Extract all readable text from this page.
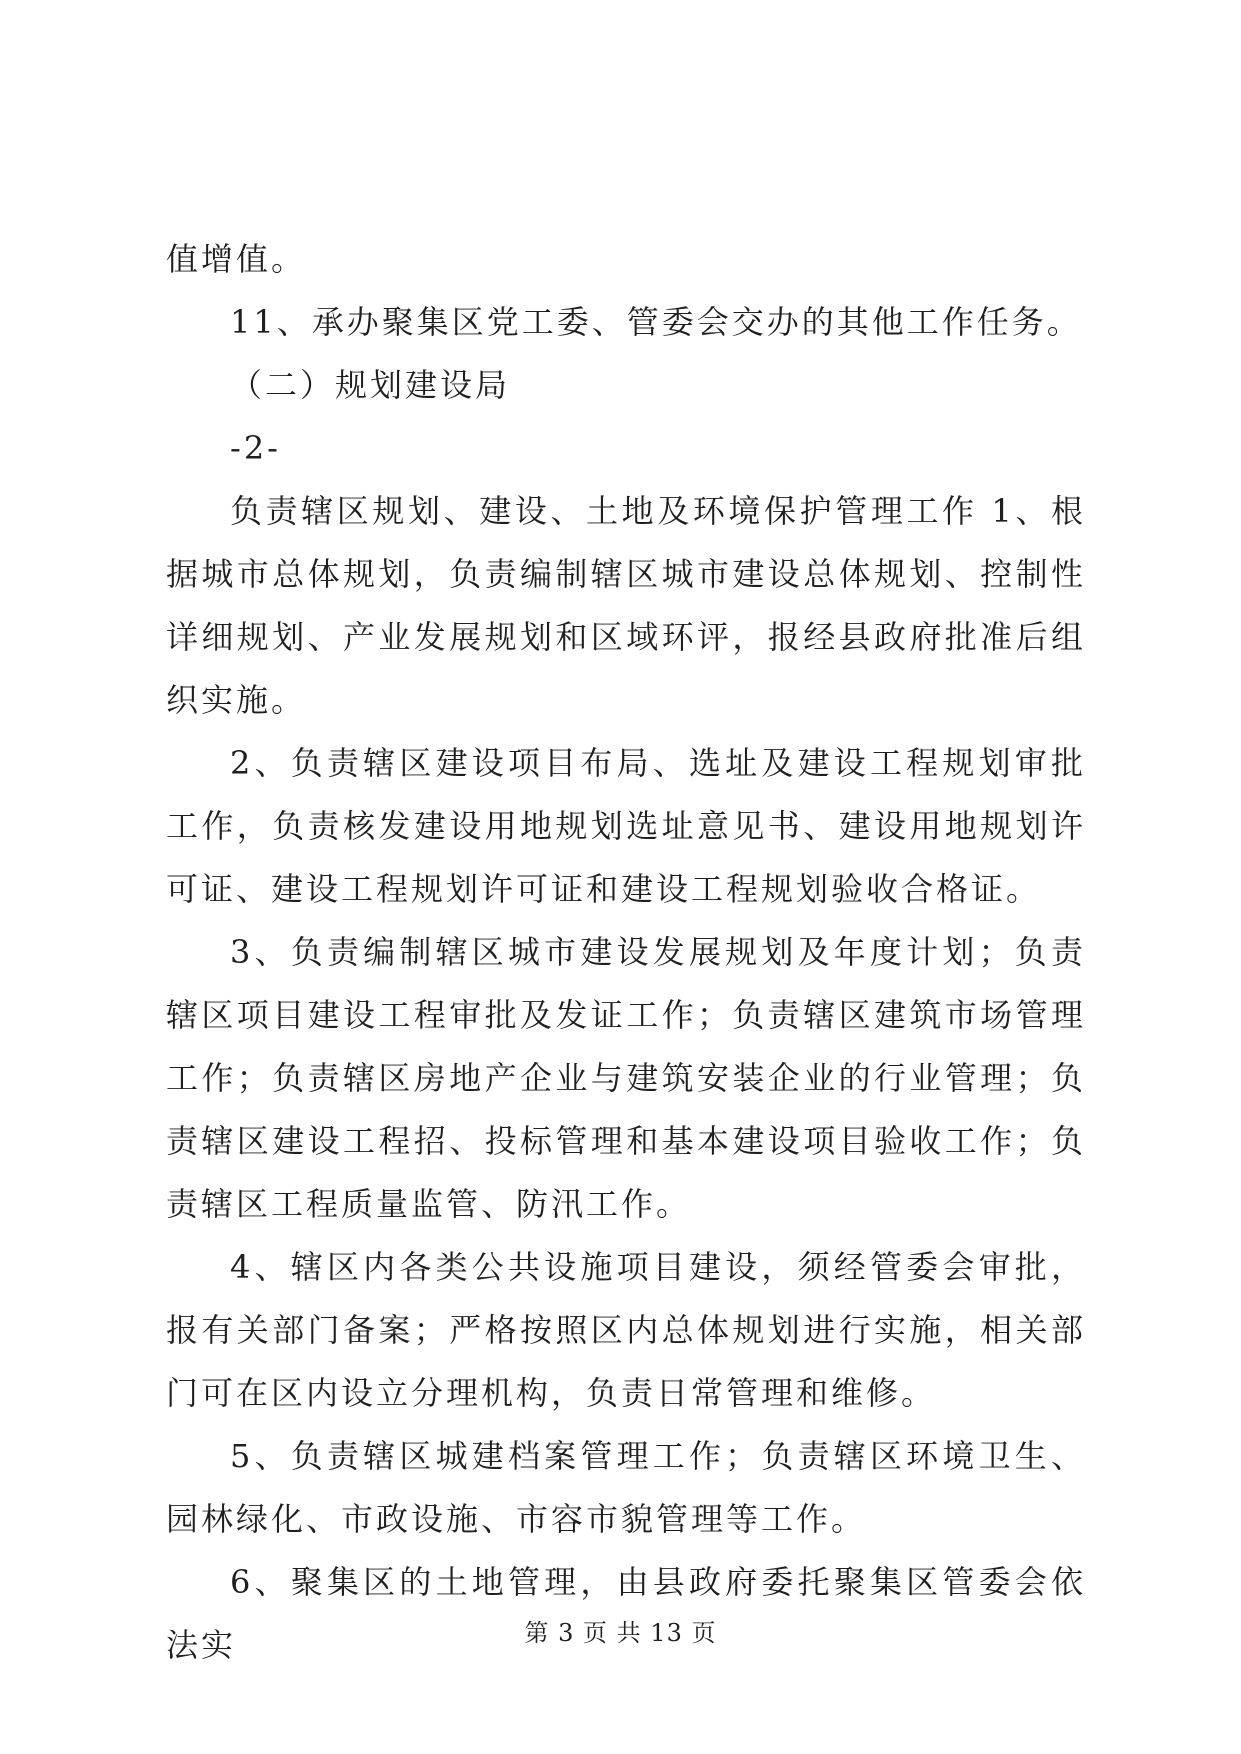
值增值。

11、承办聚集区党工委、管委会交办的其他工作任务。

（二）规划建设局

-2-

负责辖区规划、建设、土地及环境保护管理工作 1、根据城市总体规划，负责编制辖区城市建设总体规划、控制性详细规划、产业发展规划和区域环评，报经县政府批准后组织实施。

2、负责辖区建设项目布局、选址及建设工程规划审批工作，负责核发建设用地规划选址意见书、建设用地规划许可证、建设工程规划许可证和建设工程规划验收合格证。

3、负责编制辖区城市建设发展规划及年度计划；负责辖区项目建设工程审批及发证工作；负责辖区建筑市场管理工作；负责辖区房地产企业与建筑安装企业的行业管理；负责辖区建设工程招、投标管理和基本建设项目验收工作；负责辖区工程质量监管、防汛工作。

4、辖区内各类公共设施项目建设，须经管委会审批，报有关部门备案；严格按照区内总体规划进行实施，相关部门可在区内设立分理机构，负责日常管理和维修。

5、负责辖区城建档案管理工作；负责辖区环境卫生、园林绿化、市政设施、市容市貌管理等工作。

6、聚集区的土地管理，由县政府委托聚集区管委会依法实	第 3 页 共 13 页
